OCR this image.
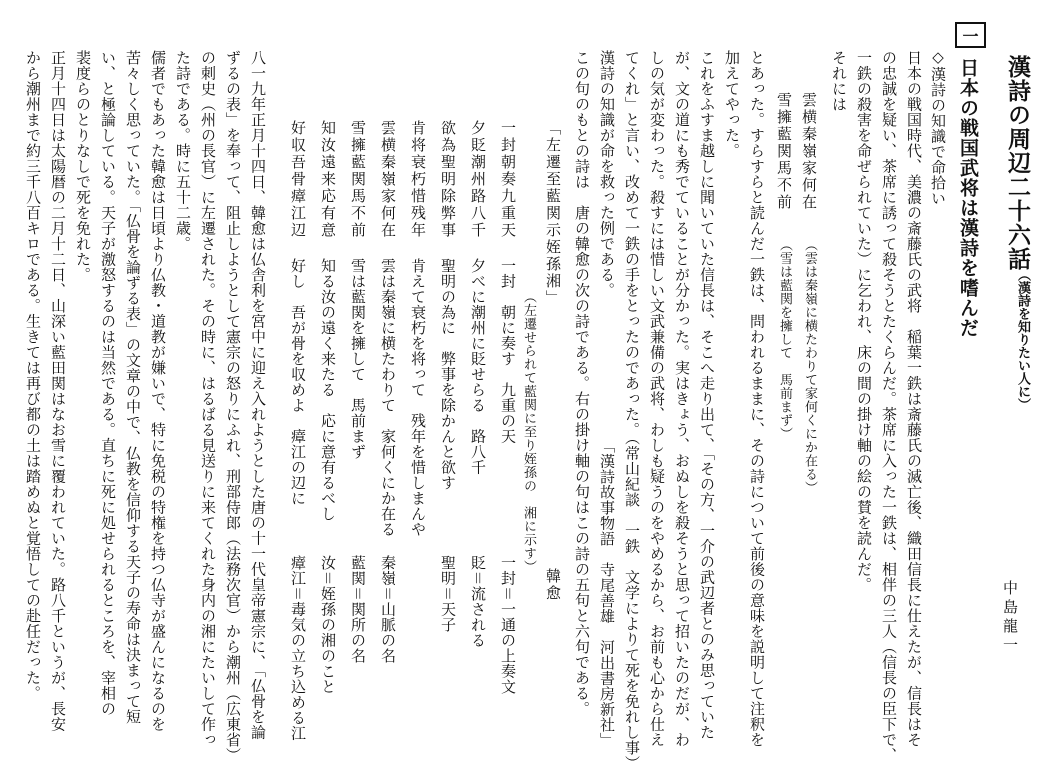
漢詩の周辺二十六話
（漢詩を知りたい人に）
一
日本の戦国武将は漢詩を嗜んだ
中島龍一
◇漢詩の知識で命拾い
日本の戦国時代、美濃の斎藤氏の武将　稲葉一鉄は斎藤氏の滅亡後、織田信長に仕えたが、信長はそ
の忠誠を疑い、茶席に誘って殺そうとたくらんだ。茶席に入った一鉄は、相伴の三人（信長の臣下で、
一鉄の殺害を命ぜられていた）に乞われ、床の間の掛け軸の絵の賛を読んだ。
それには
雲横秦嶺家何在
（雲は秦嶺に横たわりて家何くにか在る）
雪擁藍関馬不前
（雪は藍関を擁して　馬前まず）
とあった。すらすらと読んだ一鉄は、問われるままに、その詩について前後の意味を説明して注釈を
加えてやった。
これをふすま越しに聞いていた信長は、そこへ走り出て、「その方、一介の武辺者とのみ思っていた
が、文の道にも秀でていることが分かった。実はきょう、おぬしを殺そうと思って招いたのだが、わ
しの気が変わった。殺すには惜しい文武兼備の武将、わしも疑うのをやめるから、お前も心から仕え
てくれ」と言い、改めて一鉄の手をとったのであった。（常山紀談　一鉄　文学によりて死を免れし事）
漢詩の知識が命を救った例である。　　　　　　　　　　「漢詩故事物語　寺尾善雄　河出書房新社」
この句のもとの詩は　唐の韓愈の次の詩である。右の掛け軸の句はこの詩の五句と六句である。
「左遷至藍関示姪孫湘」
（左遷せられて藍関に至り姪孫の　湘に示す）
韓愈
一封朝奏九重天
夕貶潮州路八千
欲為聖明除弊事
肯将衰朽惜残年
雲横秦嶺家何在
雪擁藍関馬不前
知汝遠来応有意
好収吾骨瘴江辺
一封　朝に奏す　九重の天
夕べに潮州に貶せらる　路八千
聖明の為に　弊事を除かんと欲す
肯えて衰朽を将って　残年を惜しまんや
雲は秦嶺に横たわりて　家何くにか在る
雪は藍関を擁して　馬前まず
知る汝の遠く来たる　応に意有るべし
好し　吾が骨を収めよ　瘴江の辺に
一封＝一通の上奏文
貶＝流される
聖明＝天子
秦嶺＝山脈の名
藍関＝関所の名
汝＝姪孫の湘のこと
瘴江＝毒気の立ち込める江
八一九年正月十四日、韓愈は仏舎利を宮中に迎え入れようとした唐の十一代皇帝憲宗に、「仏骨を論
ずるの表」を奉って、阻止しようとして憲宗の怒りにふれ、刑部侍郎（法務次官）から潮州（広東省）
の刺史（州の長官）に左遷された。その時に、はるばる見送りに来てくれた身内の湘にたいして作っ
た詩である。時に五十二歳。
儒者でもあった韓愈は日頃より仏教・道教が嫌いで、特に免税の特権を持つ仏寺が盛んになるのを
苦々しく思っていた。「仏骨を論ずる表」の文章の中で、仏教を信仰する天子の寿命は決まって短
い、と極論している。天子が激怒するのは当然である。直ちに死に処せられるところを、宰相の
裴度らのとりなしで死を免れた。
正月十四日は太陽暦の二月十二日、山深い藍田関はなお雪に覆われていた。路八千というが、長安
から潮州まで約三千八百キロである。生きては再び都の土は踏めぬと覚悟しての赴任だった。
